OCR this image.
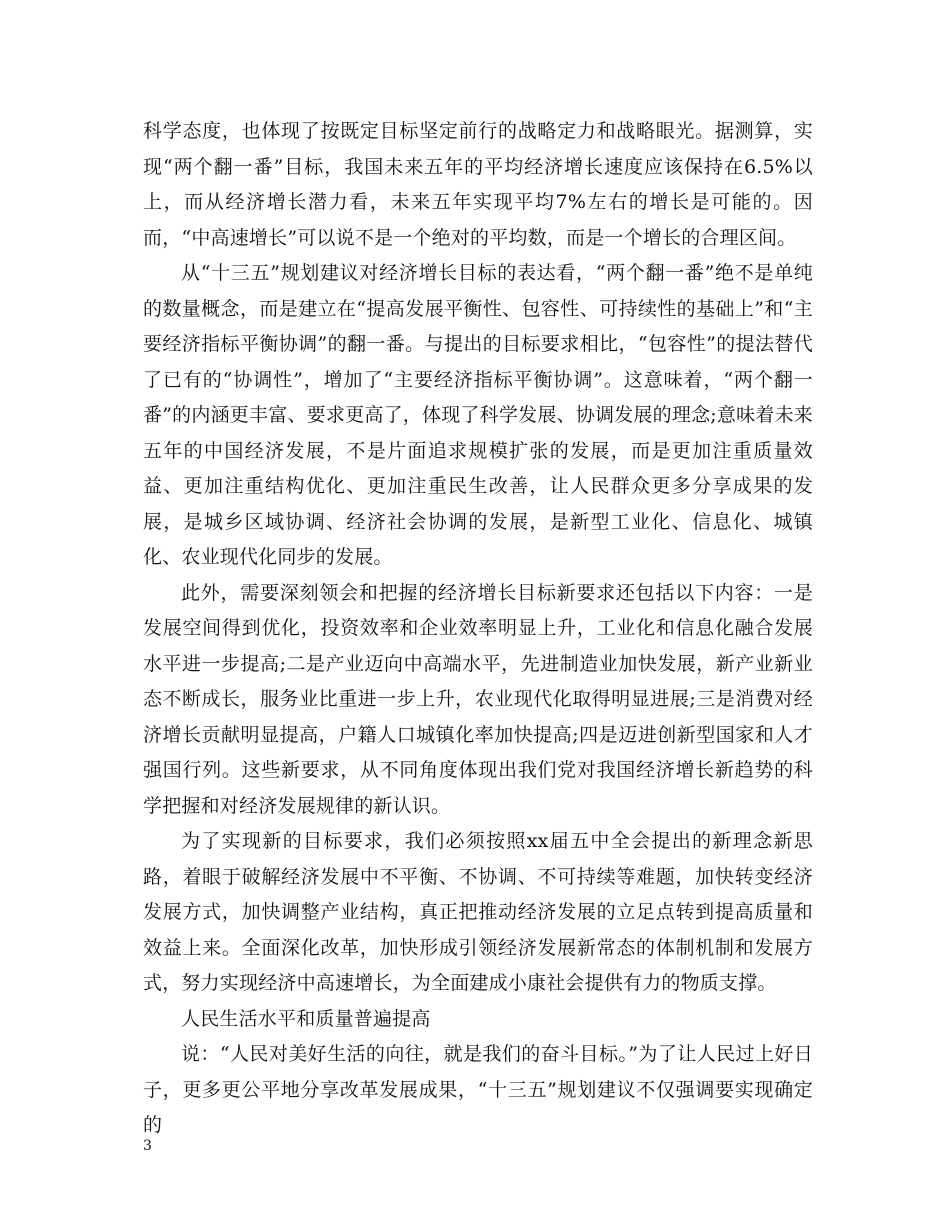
科学态度，也体现了按既定目标坚定前行的战略定力和战略眼光。据测算，实现“两个翻一番”目标，我国未来五年的平均经济增长速度应该保持在6.5%以上，而从经济增长潜力看，未来五年实现平均7%左右的增长是可能的。因而，“中高速增长”可以说不是一个绝对的平均数，而是一个增长的合理区间。

从“十三五”规划建议对经济增长目标的表达看，“两个翻一番”绝不是单纯的数量概念，而是建立在“提高发展平衡性、包容性、可持续性的基础上”和“主要经济指标平衡协调”的翻一番。与提出的目标要求相比，“包容性”的提法替代了已有的“协调性”，增加了“主要经济指标平衡协调”。这意味着，“两个翻一番”的内涵更丰富、要求更高了，体现了科学发展、协调发展的理念;意味着未来五年的中国经济发展，不是片面追求规模扩张的发展，而是更加注重质量效益、更加注重结构优化、更加注重民生改善，让人民群众更多分享成果的发展，是城乡区域协调、经济社会协调的发展，是新型工业化、信息化、城镇化、农业现代化同步的发展。

此外，需要深刻领会和把握的经济增长目标新要求还包括以下内容：一是发展空间得到优化，投资效率和企业效率明显上升，工业化和信息化融合发展水平进一步提高;二是产业迈向中高端水平，先进制造业加快发展，新产业新业态不断成长，服务业比重进一步上升，农业现代化取得明显进展;三是消费对经济增长贡献明显提高，户籍人口城镇化率加快提高;四是迈进创新型国家和人才强国行列。这些新要求，从不同角度体现出我们党对我国经济增长新趋势的科学把握和对经济发展规律的新认识。

为了实现新的目标要求，我们必须按照xx届五中全会提出的新理念新思路，着眼于破解经济发展中不平衡、不协调、不可持续等难题，加快转变经济发展方式，加快调整产业结构，真正把推动经济发展的立足点转到提高质量和效益上来。全面深化改革，加快形成引领经济发展新常态的体制机制和发展方式，努力实现经济中高速增长，为全面建成小康社会提供有力的物质支撑。

人民生活水平和质量普遍提高

说：“人民对美好生活的向往，就是我们的奋斗目标。”为了让人民过上好日子，更多更公平地分享改革发展成果，“十三五”规划建议不仅强调要实现确定的

3
